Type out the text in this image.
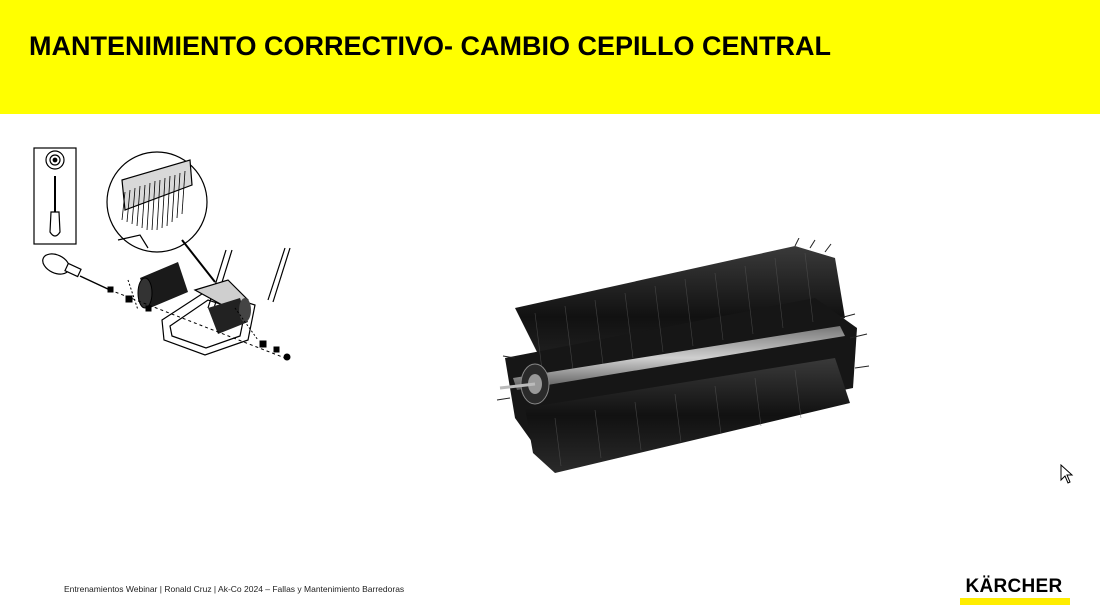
MANTENIMIENTO CORRECTIVO- CAMBIO CEPILLO CENTRAL
Entrenamientos Webinar | Ronald Cruz | Ak-Co 2024 – Fallas y Mantenimiento Barredoras	KÄRCHER
